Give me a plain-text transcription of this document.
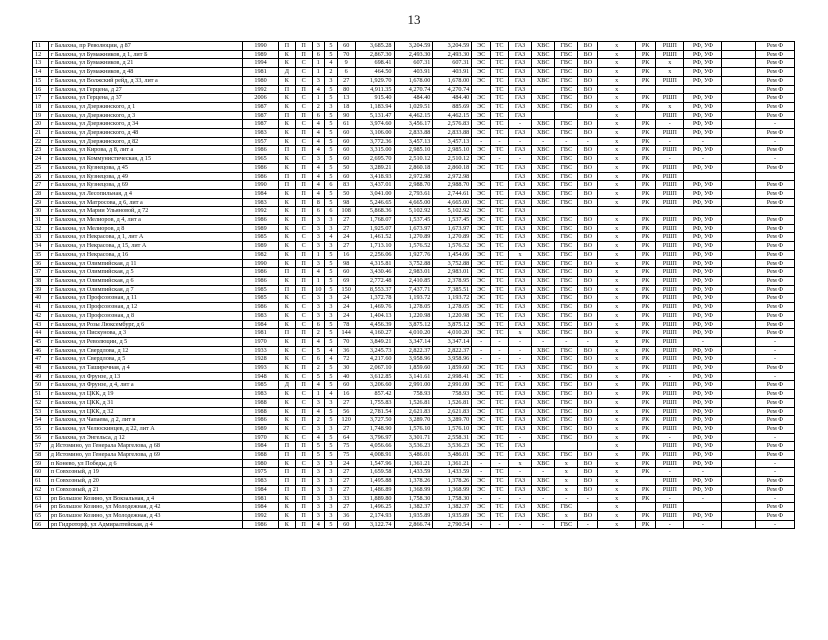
13
11	г Балахна, пр Революции, д 87	1990	П	П	3	5	60	3,685.28	3,204.59	3,204.59	ЭС	ТС	ГАЗ	ХВС	ГВС	ВО	х	РК	РШП	РФ, УФ		Рем Ф
12	г Балахна, ул Бумажников, д 1, лит Б	1989	К	П	6	5	70	2,867.30	2,493.30	2,493.30	ЭС	ТС	ГАЗ	ХВС	ГВС	ВО	х	РК	РШП	РФ, УФ		Рем Ф
13	г Балахна, ул Бумажников, д 21	1994	К	С	1	4	9	698.41	607.31	607.31	ЭС	ТС	ГАЗ	ХВС	ГВС	ВО	х	РК	х	РФ, УФ		Рем Ф
14	г Балахна, ул Бумажников, д 48	1981	Д	С	1	2	6	464.50	403.91	403.91	ЭС	ТС	ГАЗ	ХВС	ГВС	ВО	х	РК	х	РФ, УФ		Рем Ф
15	г Балахна, ул Волжский рейд, д 33, лит а	1980	К	С	3	3	27	1,929.70	1,678.00	1,678.00	ЭС	ТС	ГАЗ	ХВС	ГВС	ВО	х	РК	РШП	РФ, УФ		Рем Ф
16	г Балахна, ул Герцена, д 27	1992	П	П	4	5	80	4,911.35	4,270.74	4,270.74		ТС	ГАЗ		ГВС	ВО	х					Рем Ф
17	г Балахна, ул Герцена, д 37	2006	К	С	1	5	13	915.40	484.40	484.40	ЭС	ТС	ГАЗ	ХВС	ГВС	ВО	х	РК	РШП	РФ, УФ		Рем Ф
18	г Балахна, ул Дзержинского, д 1	1987	К	С	2	3	18	1,183.94	1,029.51	885.69	ЭС	ТС	ГАЗ	ХВС	ГВС	ВО	х	РК	х	РФ, УФ		Рем Ф
19	г Балахна, ул Дзержинского, д 3	1987	П	П	6	5	90	5,131.47	4,462.15	4,462.15	ЭС	ТС	ГАЗ				х		РШП	РФ, УФ		Рем Ф
20	г Балахна, ул Дзержинского, д 34	1987	К	С	4	5	61	3,974.60	3,456.17	2,576.83	ЭС	ТС	-	ХВС	ГВС	ВО	х	РК	-	РФ, УФ		-
21	г Балахна, ул Дзержинского, д 48	1983	К	П	4	5	60	3,106.00	2,833.88	2,833.88	ЭС	ТС	ГАЗ	ХВС	ГВС	ВО	х	РК	РШП	РФ, УФ		Рем Ф
22	г Балахна, ул Дзержинского, д 82	1957	К	С	4	5	60	3,772.36	3,457.13	3,457.13	-	-	-	-	-	-	х	РК	-	-		-
23	г Балахна, ул Кирова, д 8, лит а	1986	П	П	4	5	60	3,315.00	2,985.10	2,985.10	ЭС	ТС	ГАЗ	ХВС	ГВС	ВО	х	РК	РШП	РФ, УФ		Рем Ф
24	г Балахна, ул Коммунистическая, д 15	1965	К	С	3	5	60	2,695.70	2,510.12	2,510.12	ЭС	-	-	ХВС	ГВС	ВО	х	РК	-	-		-
25	г Балахна, ул Кузнецова, д 45	1986	К	П	4	5	50	3,289.21	2,860.18	2,860.18	ЭС	ТС	ГАЗ	ХВС	ГВС	ВО	х	РК	РШП	РФ, УФ		Рем Ф
26	г Балахна, ул Кузнецова, д 49	1986	П	П	4	5	60	3,418.93	2,972.98	2,972.98			ГАЗ	ХВС	ГВС	ВО	х	РК	РШП			
27	г Балахна, ул Кузнецова, д 69	1990	П	П	4	6	83	3,437.01	2,988.70	2,988.70	ЭС	ТС	ГАЗ	ХВС	ГВС	ВО	х	РК	РШП	РФ, УФ		Рем Ф
28	г Балахна, ул Лесопильная, д 4	1984	К	П	4	5	50	3,041.00	2,793.61	2,744.61	ЭС	ТС	ГАЗ	ХВС	ГВС	ВО	х	РК	РШП	РФ, УФ		Рем Ф
29	г Балахна, ул Матросова, д 6, лит а	1983	К	П	8	5	98	5,246.65	4,665.00	4,665.00	ЭС	ТС	ГАЗ	ХВС	ГВС	ВО	х	РК	РШП	РФ, УФ		Рем Ф
30	г Балахна, ул Марии Ульяновой, д 72	1992	К	П	6	6	108	5,868.36	5,102.92	5,102.92	ЭС	ТС	ГАЗ									
31	г Балахна, ул Мелиоров, д 4, лит а	1986	К	П	3	3	27	1,768.07	1,537.45	1,537.45	ЭС	ТС	ГАЗ	ХВС	ГВС	ВО	х	РК	РШП	РФ, УФ		Рем Ф
32	г Балахна, ул Мелиоров, д 8	1989	К	С	3	3	27	1,925.07	1,673.97	1,673.97	ЭС	ТС	ГАЗ	ХВС	ГВС	ВО	х	РК	РШП	РФ, УФ		Рем Ф
33	г Балахна, ул Некрасова, д 1, лит А	1985	К	С	3	4	24	1,461.52	1,270.89	1,270.89	ЭС	ТС	ГАЗ	ХВС	ГВС	ВО	х	РК	РШП	РФ, УФ		Рем Ф
34	г Балахна, ул Некрасова, д 15, лит А	1989	К	С	3	3	27	1,713.10	1,576.52	1,576.52	ЭС	ТС	ГАЗ	ХВС	ГВС	ВО	х	РК	РШП	РФ, УФ		Рем Ф
35	г Балахна, ул Некрасова, д 16	1982	К	П	1	5	16	2,256.06	1,927.76	1,454.06	ЭС	ТС	х	ХВС	ГВС	ВО	х	РК	РШП	РФ, УФ		Рем Ф
36	г Балахна, ул Олимпийская, д 11	1990	К	П	3	5	98	4,315.81	3,752.88	3,752.88	ЭС	ТС	ГАЗ	ХВС	ГВС	ВО	х	РК	РШП	РФ, УФ		Рем Ф
37	г Балахна, ул Олимпийская, д 5	1986	П	П	4	5	60	3,430.46	2,983.01	2,983.01	ЭС	ТС	ГАЗ	ХВС	ГВС	ВО	х	РК	РШП	РФ, УФ		Рем Ф
38	г Балахна, ул Олимпийская, д 6	1986	К	П	1	5	69	2,772.48	2,410.85	2,378.95	ЭС	ТС	ГАЗ	ХВС	ГВС	ВО	х	РК	РШП	РФ, УФ		Рем Ф
39	г Балахна, ул Олимпийская, д 7	1985	П	П	10	5	150	8,553.37	7,437.71	7,385.51	ЭС	ТС	ГАЗ	ХВС	ГВС	ВО	х	РК	РШП	РФ, УФ		Рем Ф
40	г Балахна, ул Профсоюзная, д 11	1985	К	С	3	3	24	1,372.78	1,193.72	1,193.72	ЭС	ТС	ГАЗ	ХВС	ГВС	ВО	х	РК	РШП	РФ, УФ		Рем Ф
41	г Балахна, ул Профсоюзная, д 12	1986	К	С	3	3	24	1,469.76	1,278.05	1,278.05	ЭС	ТС	ГАЗ	ХВС	ГВС	ВО	х	РК	РШП	РФ, УФ		Рем Ф
42	г Балахна, ул Профсоюзная, д 8	1983	К	С	3	3	24	1,404.13	1,220.98	1,220.98	ЭС	ТС	ГАЗ	ХВС	ГВС	ВО	х	РК	РШП	РФ, УФ		Рем Ф
43	г Балахна, ул Розы Люксембург, д 6	1984	К	С	6	5	78	4,456.39	3,875.12	3,875.12	ЭС	ТС	ГАЗ	ХВС	ГВС	ВО	х	РК	РШП	РФ, УФ		Рем Ф
44	г Балахна, ул Пискунова, д 3	1981	П	П	2	5	144	4,160.27	4,010.20	4,010.20	ЭС	ТС	х	ХВС	ГВС	ВО	х	РК	РШП	РФ, УФ		Рем Ф
45	г Балахна, ул Революции, д 5	1970	К	П	4	5	70	3,849.21	3,347.14	3,347.14	-	-	-	-	-	-	х	РК	РШП	-		-
46	г Балахна, ул Свердлова, д 12	1933	К	С	5	4	36	3,245.73	2,822.37	2,822.37	-	-	-	ХВС	ГВС	ВО	х	РК	РШП	РФ, УФ		-
47	г Балахна, ул Свердлова, д 5	1928	К	С	6	4	72	4,217.60	3,958.96	3,958.96	-	-	-	ХВС	ГВС	ВО	х	РК	РШП	РФ, УФ		-
48	г Балахна, ул Таширечная, д 4	1993	К	П	2	5	30	2,067.10	1,859.60	1,859.60	ЭС	ТС	ГАЗ	ХВС	ГВС	ВО	х	РК	РШП	РФ, УФ		Рем Ф
49	г Балахна, ул Фрунзе, д 13	1948	К	С	5	5	40	3,612.85	3,141.61	2,998.41	ЭС	ТС	-	ХВС	ГВС	ВО	х	РК	-	РФ, УФ		-
50	г Балахна, ул Фрунзе, д 4, лит а	1985	Д	П	4	5	60	3,206.60	2,991.00	2,991.00	ЭС	ТС	ГАЗ	ХВС	ГВС	ВО	х	РК	РШП	РФ, УФ		Рем Ф
51	г Балахна, ул ЦКК, д 19	1983	К	С	1	4	16	857.42	758.93	758.93	ЭС	ТС	ГАЗ	ХВС	ГВС	ВО	х	РК	РШП	РФ, УФ		Рем Ф
52	г Балахна, ул ЦКК, д 31	1988	К	С	3	3	27	1,755.83	1,526.81	1,526.81	ЭС	ТС	ГАЗ	ХВС	ГВС	ВО	х	РК	РШП	РФ, УФ		Рем Ф
53	г Балахна, ул ЦКК, д 32	1988	К	П	4	5	56	2,781.54	2,621.83	2,621.83	ЭС	ТС	ГАЗ	ХВС	ГВС	ВО	х	РК	РШП	РФ, УФ		Рем Ф
54	г Балахна, ул Чапаева, д 2, лит в	1986	К	П	2	5	120	3,727.50	3,289.70	3,289.70	ЭС	ТС	ГАЗ	ХВС	ГВС	ВО	х	РК	РШП	РФ, УФ		Рем Ф
55	г Балахна, ул Челюскинцев, д 22, лит А	1989	К	С	3	3	27	1,748.90	1,576.10	1,576.10	ЭС	ТС	ГАЗ	ХВС	ГВС	ВО	х	РК	РШП	РФ, УФ		Рем Ф
56	г Балахна, ул Энгельса, д 12	1970	К	С	4	5	64	3,796.97	3,301.71	2,558.31	ЭС	ТС	-	ХВС	ГВС	ВО	х	РК	-	РФ, УФ		-
57	д Истомино, ул Генерала Маргелова, д 68	1984	П	П	5	5	75	4,056.66	3,536.23	3,536.23	ЭС	ТС	ГАЗ				х		РШП	РФ, УФ		Рем Ф
58	д Истомино, ул Генерала Маргелова, д 69	1988	П	П	5	5	75	4,008.91	3,486.01	3,486.01	ЭС	ТС	ГАЗ	ХВС	ГВС	ВО	х	РК	РШП	РФ, УФ		Рем Ф
59	п Конево, ул Победы, д 6	1980	К	С	3	3	24	1,547.96	1,361.21	1,361.21	-	-	х	ХВС	х	ВО	х	РК	РШП	РФ, УФ		-
60	п Совхозный, д 19	1975	П	П	3	3	27	1,659.58	1,433.59	1,433.59	-	ТС	-	-	х	ВО	х	РК	-	-		-
61	п Совхозный, д 20	1983	П	П	3	3	27	1,495.88	1,378.26	1,378.26	ЭС	ТС	ГАЗ	ХВС	х	ВО	х		РШП	РФ, УФ		Рем Ф
62	п Совхозный, д 21	1984	П	П	3	3	27	1,486.89	1,368.99	1,368.99	ЭС	ТС	ГАЗ	ХВС	х	ВО	х	РК	РШП	РФ, УФ		Рем Ф
63	рп Большое Козино, ул Вокзальная, д 4	1981	К	П	3	3	33	1,889.80	1,758.30	1,758.30	-	-	-	-	-	-	х	РК	-	-		-
64	рп Большое Козино, ул Молодежная, д 42	1984	К	П	3	3	27	1,496.25	1,382.37	1,382.37	ЭС	ТС	ГАЗ	ХВС	ГВС		х		РШП			Рем Ф
65	рп Большое Козино, ул Молодежная, д 43	1992	К	П	3	3	36	2,174.93	1,935.89	1,935.89	ЭС	ТС	ГАЗ	ХВС	х	ВО	х	РК	РШП	РФ, УФ		Рем Ф
66	рп Гидроторф, ул Адмиралтейская, д 4	1986	К	П	4	5	60	3,122.74	2,866.74	2,790.54	-	-	-	-	ГВС	-	х	РК	-	-		-
